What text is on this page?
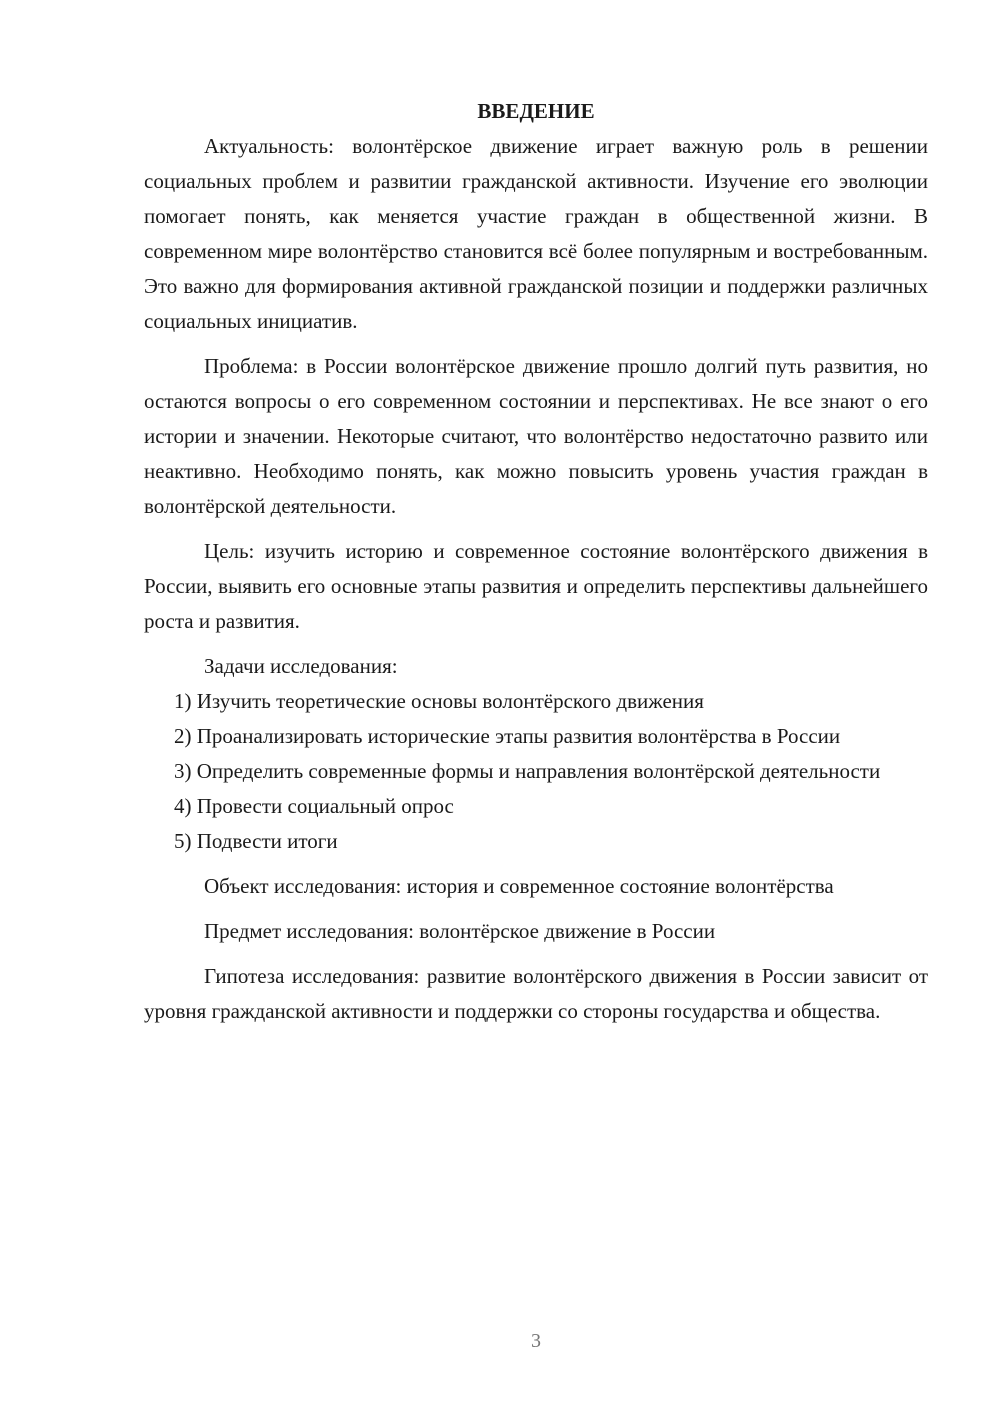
ВВЕДЕНИЕ

Актуальность: волонтёрское движение играет важную роль в решении социальных проблем и развитии гражданской активности. Изучение его эволюции помогает понять, как меняется участие граждан в общественной жизни. В современном мире волонтёрство становится всё более популярным и востребованным. Это важно для формирования активной гражданской позиции и поддержки различных социальных инициатив.

Проблема: в России волонтёрское движение прошло долгий путь развития, но остаются вопросы о его современном состоянии и перспективах. Не все знают о его истории и значении. Некоторые считают, что волонтёрство недостаточно развито или неактивно. Необходимо понять, как можно повысить уровень участия граждан в волонтёрской деятельности.

Цель: изучить историю и современное состояние волонтёрского движения в России, выявить его основные этапы развития и определить перспективы дальнейшего роста и развития.

Задачи исследования:

1) Изучить теоретические основы волонтёрского движения

2) Проанализировать исторические этапы развития волонтёрства в России

3) Определить современные формы и направления волонтёрской деятельности

4) Провести социальный опрос

5) Подвести итоги

Объект исследования: история и современное состояние волонтёрства

Предмет исследования: волонтёрское движение в России

Гипотеза исследования: развитие волонтёрского движения в России зависит от уровня гражданской активности и поддержки со стороны государства и общества.

3
